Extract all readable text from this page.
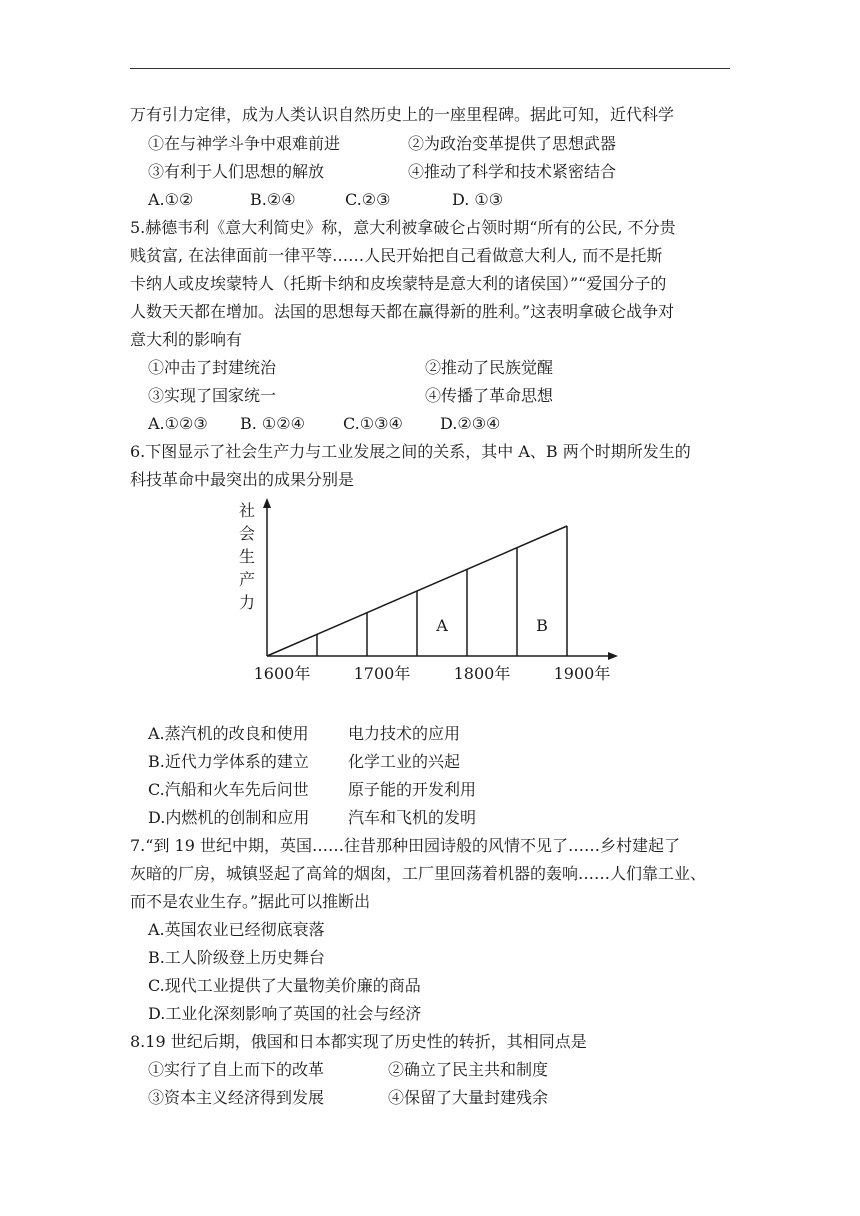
万有引力定律，成为人类认识自然历史上的一座里程碑。据此可知，近代科学
①在与神学斗争中艰难前进	②为政治变革提供了思想武器
③有利于人们思想的解放	④推动了科学和技术紧密结合
A.①②	B.②④	C.②③	D. ①③
5.赫德韦利《意大利简史》称，意大利被拿破仑占领时期“所有的公民, 不分贵
贱贫富, 在法律面前一律平等……人民开始把自己看做意大利人, 而不是托斯
卡纳人或皮埃蒙特人（托斯卡纳和皮埃蒙特是意大利的诸侯国）”“爱国分子的
人数天天都在增加。法国的思想每天都在赢得新的胜利。”这表明拿破仑战争对
意大利的影响有
①冲击了封建统治	②推动了民族觉醒
③实现了国家统一	④传播了革命思想
A.①②③ B. ①②④ C.①③④ D.②③④
6.下图显示了社会生产力与工业发展之间的关系，其中 A、B 两个时期所发生的
科技革命中最突出的成果分别是
A	B
社
会
生
产
力
1600年	1700年	1800年	1900年
A.蒸汽机的改良和使用 电力技术的应用
B.近代力学体系的建立 化学工业的兴起
C.汽船和火车先后问世 原子能的开发利用
D.内燃机的创制和应用 汽车和飞机的发明
7.“到 19 世纪中期，英国……往昔那种田园诗般的风情不见了……乡村建起了
灰暗的厂房，城镇竖起了高耸的烟囱，工厂里回荡着机器的轰响……人们靠工业、
而不是农业生存。”据此可以推断出
A.英国农业已经彻底衰落
B.工人阶级登上历史舞台
C.现代工业提供了大量物美价廉的商品
D.工业化深刻影响了英国的社会与经济
8.19 世纪后期，俄国和日本都实现了历史性的转折，其相同点是
①实行了自上而下的改革	②确立了民主共和制度
③资本主义经济得到发展	④保留了大量封建残余
